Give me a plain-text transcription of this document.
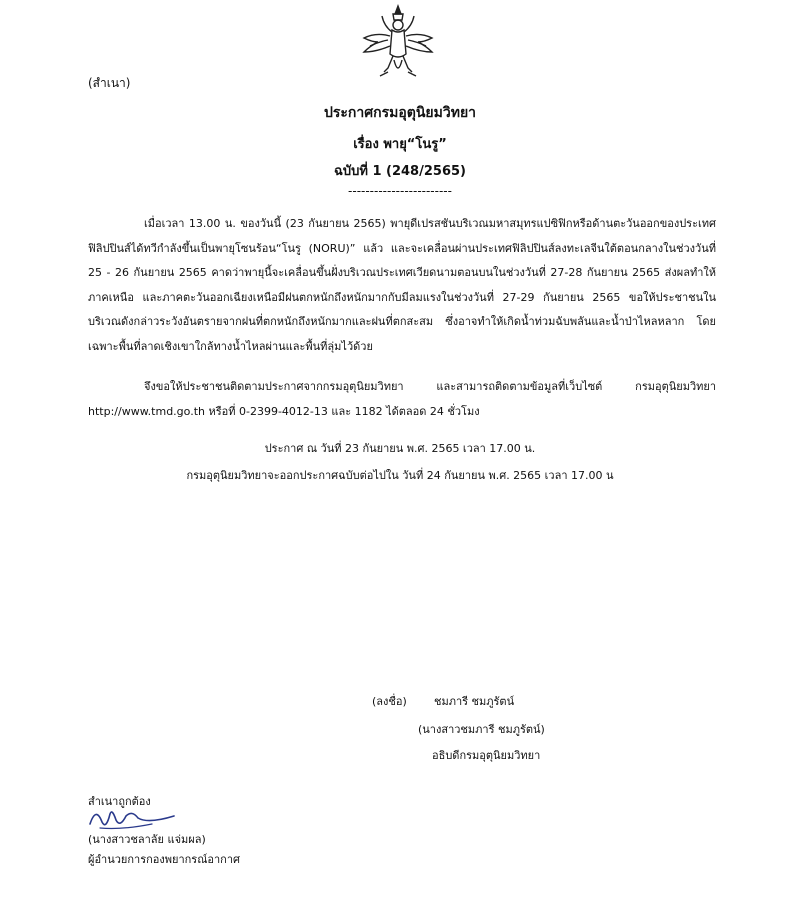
(สำเนา)
ประกาศกรมอุตุนิยมวิทยา
เรื่อง พายุ“โนรู”
ฉบับที่ 1 (248/2565)
------------------------

เมื่อเวลา 13.00 น. ของวันนี้ (23 กันยายน 2565) พายุดีเปรสชันบริเวณมหาสมุทรแปซิฟิกหรือด้านตะวันออกของประเทศฟิลิปปินส์ได้ทวีกำลังขึ้นเป็นพายุโซนร้อน“โนรู (NORU)” แล้ว และจะเคลื่อนผ่านประเทศฟิลิปปินส์ลงทะเลจีนใต้ตอนกลางในช่วงวันที่ 25 - 26 กันยายน 2565 คาดว่าพายุนี้จะเคลื่อนขึ้นฝั่งบริเวณประเทศเวียดนามตอนบนในช่วงวันที่ 27-28 กันยายน 2565 ส่งผลทำให้ภาคเหนือ และภาคตะวันออกเฉียงเหนือมีฝนตกหนักถึงหนักมากกับมีลมแรงในช่วงวันที่ 27-29 กันยายน 2565 ขอให้ประชาชนในบริเวณดังกล่าวระวังอันตรายจากฝนที่ตกหนักถึงหนักมากและฝนที่ตกสะสม ซึ่งอาจทำให้เกิดน้ำท่วมฉับพลันและน้ำป่าไหลหลาก โดยเฉพาะพื้นที่ลาดเชิงเขาใกล้ทางน้ำไหลผ่านและพื้นที่ลุ่มไว้ด้วย

จึงขอให้ประชาชนติดตามประกาศจากกรมอุตุนิยมวิทยา และสามารถติดตามข้อมูลที่เว็บไซต์ กรมอุตุนิยมวิทยา http://www.tmd.go.th หรือที่ 0-2399-4012-13 และ 1182 ได้ตลอด 24 ชั่วโมง

ประกาศ ณ วันที่ 23 กันยายน พ.ศ. 2565 เวลา 17.00 น.
กรมอุตุนิยมวิทยาจะออกประกาศฉบับต่อไปใน วันที่ 24 กันยายน พ.ศ. 2565 เวลา 17.00 น
(ลงชื่อ) ชมภารี ชมภูรัตน์
(นางสาวชมภารี ชมภูรัตน์)
อธิบดีกรมอุตุนิยมวิทยา
สำเนาถูกต้อง
(นางสาวชลาลัย แจ่มผล)
ผู้อำนวยการกองพยากรณ์อากาศ
